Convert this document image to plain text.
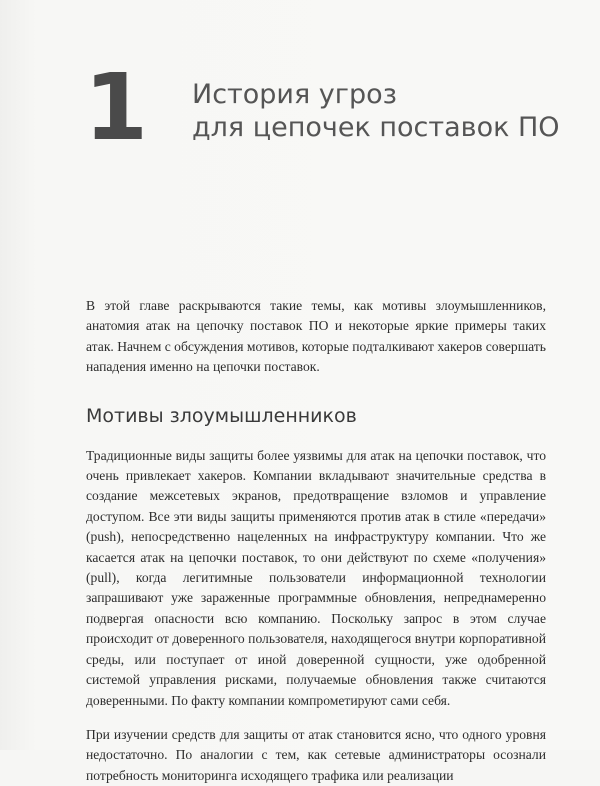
1 История угроз
для цепочек поставок ПО

В этой главе раскрываются такие темы, как мотивы злоумышленников, анатомия атак на цепочку поставок ПО и некоторые яркие примеры таких атак. Начнем с обсуждения мотивов, которые подталкивают хакеров совершать нападения именно на цепочки поставок.

Мотивы злоумышленников

Традиционные виды защиты более уязвимы для атак на цепочки поставок, что очень привлекает хакеров. Компании вкладывают значительные средства в создание межсетевых экранов, предотвращение взломов и управление доступом. Все эти виды защиты применяются против атак в стиле «передачи» (push), непосредственно нацеленных на инфраструктуру компании. Что же касается атак на цепочки поставок, то они действуют по схеме «получения» (pull), когда легитимные пользователи информационной технологии запрашивают уже зараженные программные обновления, непреднамеренно подвергая опасности всю компанию. Поскольку запрос в этом случае происходит от доверенного пользователя, находящегося внутри корпоративной среды, или поступает от иной доверенной сущности, уже одобренной системой управления рисками, получаемые обновления также считаются доверенными. По факту компании компрометируют сами себя.

При изучении средств для защиты от атак становится ясно, что одного уровня недостаточно. По аналогии с тем, как сетевые администраторы осознали потребность мониторинга исходящего трафика или реализации
